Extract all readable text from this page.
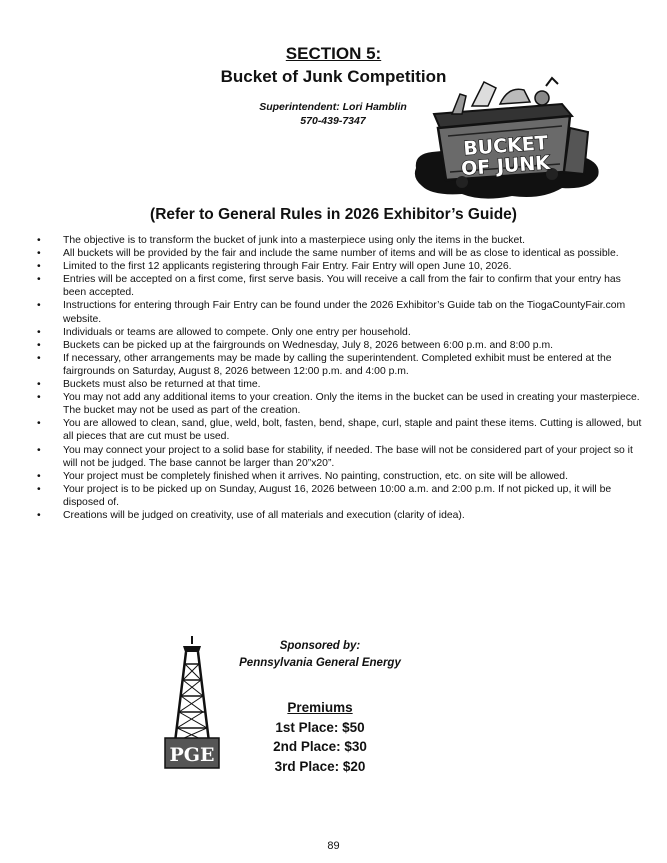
SECTION 5:
Bucket of Junk Competition
Superintendent: Lori Hamblin
570-439-7347
BUCKET
OF JUNK
(Refer to General Rules in 2026 Exhibitor’s Guide)
• The objective is to transform the bucket of junk into a masterpiece using only the items in the bucket.
• All buckets will be provided by the fair and include the same number of items and will be as close to identical as possible.
• Limited to the first 12 applicants registering through Fair Entry. Fair Entry will open June 10, 2026.
• Entries will be accepted on a first come, first serve basis. You will receive a call from the fair to confirm that your entry has been accepted.
• Instructions for entering through Fair Entry can be found under the 2026 Exhibitor’s Guide tab on the TiogaCountyFair.com website.
• Individuals or teams are allowed to compete. Only one entry per household.
• Buckets can be picked up at the fairgrounds on Wednesday, July 8, 2026 between 6:00 p.m. and 8:00 p.m.
• If necessary, other arrangements may be made by calling the superintendent. Completed exhibit must be entered at the fairgrounds on Saturday, August 8, 2026 between 12:00 p.m. and 4:00 p.m.
• Buckets must also be returned at that time.
• You may not add any additional items to your creation. Only the items in the bucket can be used in creating your masterpiece. The bucket may not be used as part of the creation.
• You are allowed to clean, sand, glue, weld, bolt, fasten, bend, shape, curl, staple and paint these items. Cutting is allowed, but all pieces that are cut must be used.
• You may connect your project to a solid base for stability, if needed. The base will not be considered part of your project so it will not be judged. The base cannot be larger than 20”x20”.
• Your project must be completely finished when it arrives. No painting, construction, etc. on site will be allowed.
• Your project is to be picked up on Sunday, August 16, 2026 between 10:00 a.m. and 2:00 p.m. If not picked up, it will be disposed of.
• Creations will be judged on creativity, use of all materials and execution (clarity of idea).
PGE
Sponsored by:
Pennsylvania General Energy
Premiums
1st Place: $50
2nd Place: $30
3rd Place: $20
89
